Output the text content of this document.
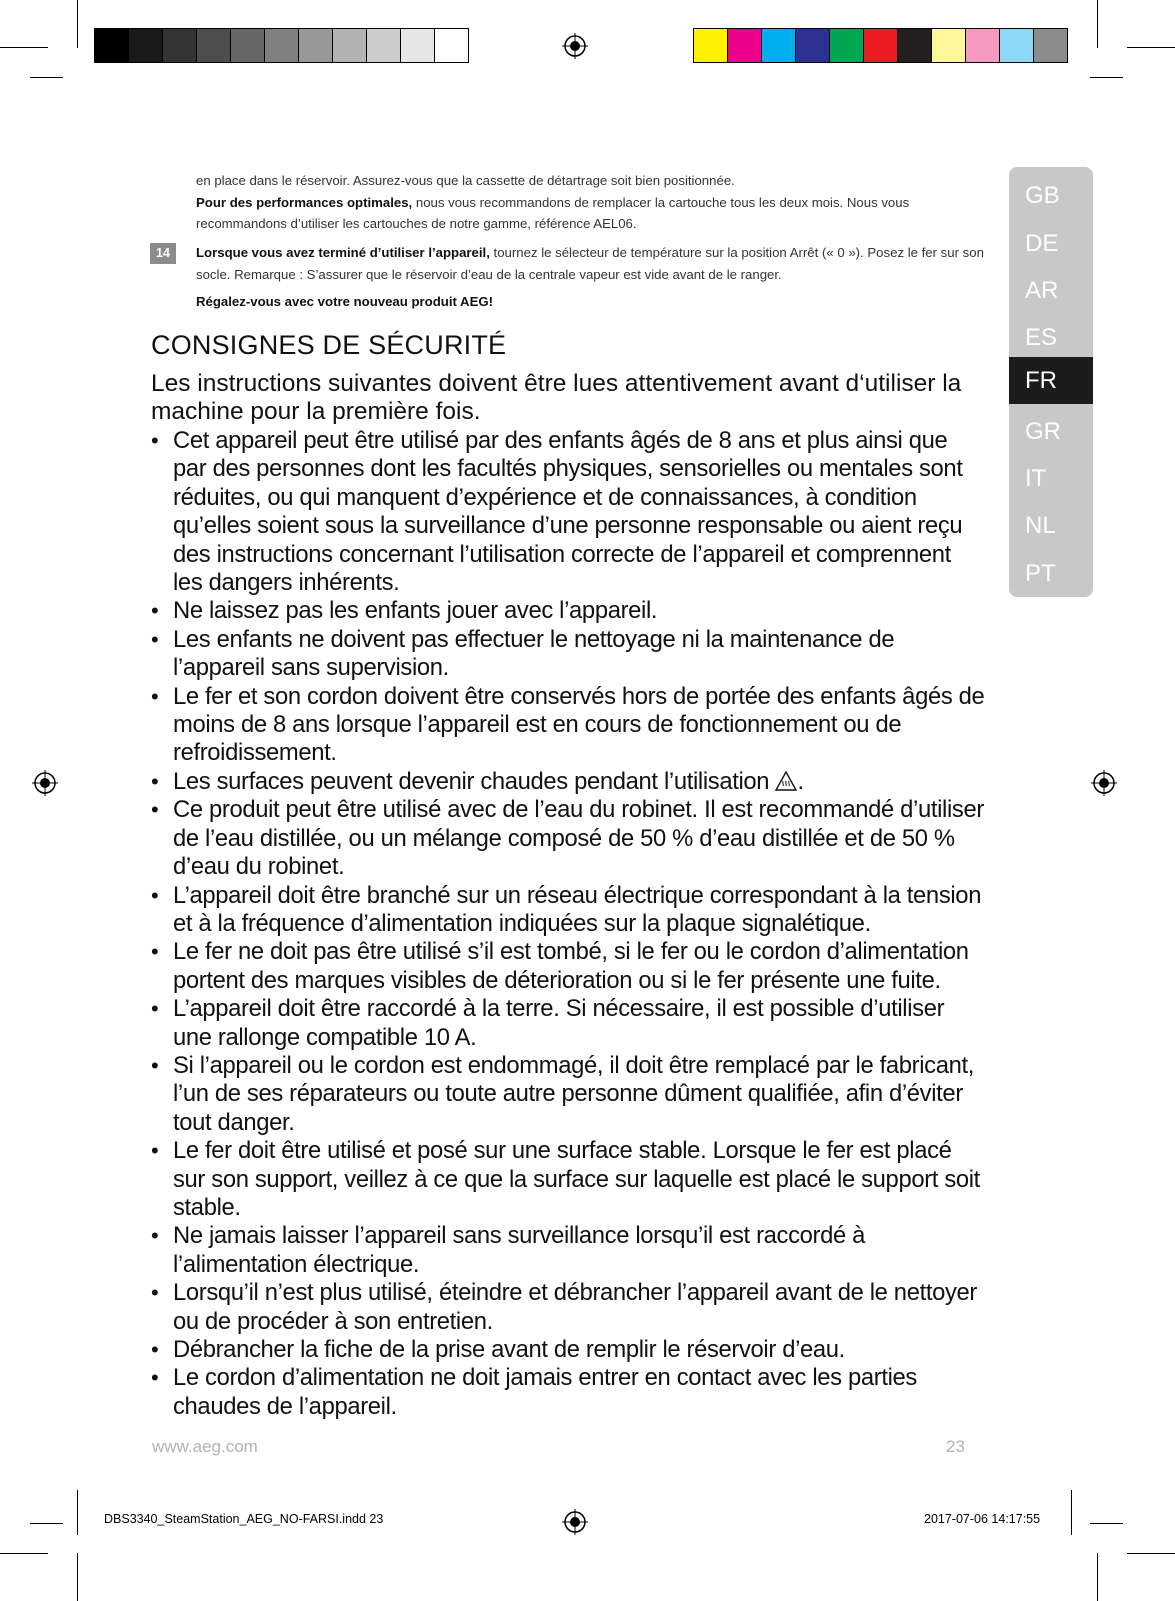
en place dans le réservoir. Assurez-vous que la cassette de détartrage soit bien positionnée.
Pour des performances optimales, nous vous recommandons de remplacer la cartouche tous les deux mois. Nous vous recommandons d’utiliser les cartouches de notre gamme, référence AEL06.
14	Lorsque vous avez terminé d’utiliser l’appareil, tournez le sélecteur de température sur la position Arrêt (« 0 »). Posez le fer sur son socle. Remarque : S’assurer que le réservoir d’eau de la centrale vapeur est vide avant de le ranger.
Régalez-vous avec votre nouveau produit AEG!
CONSIGNES DE SÉCURITÉ
Les instructions suivantes doivent être lues attentivement avant d‘utiliser la machine pour la première fois.
• Cet appareil peut être utilisé par des enfants âgés de 8 ans et plus ainsi que par des personnes dont les facultés physiques, sensorielles ou mentales sont réduites, ou qui manquent d’expérience et de connaissances, à condition qu’elles soient sous la surveillance d’une personne responsable ou aient reçu des instructions concernant l’utilisation correcte de l’appareil et comprennent les dangers inhérents.
• Ne laissez pas les enfants jouer avec l’appareil.
• Les enfants ne doivent pas effectuer le nettoyage ni la maintenance de l’appareil sans supervision.
• Le fer et son cordon doivent être conservés hors de portée des enfants âgés de moins de 8 ans lorsque l’appareil est en cours de fonctionnement ou de refroidissement.
• Les surfaces peuvent devenir chaudes pendant l’utilisation .
• Ce produit peut être utilisé avec de l’eau du robinet. Il est recommandé d’utiliser de l’eau distillée, ou un mélange composé de 50 % d’eau distillée et de 50 % d’eau du robinet.
• L’appareil doit être branché sur un réseau électrique correspondant à la tension et à la fréquence d’alimentation indiquées sur la plaque signalétique.
• Le fer ne doit pas être utilisé s’il est tombé, si le fer ou le cordon d’alimentation portent des marques visibles de déterioration ou si le fer présente une fuite.
• L’appareil doit être raccordé à la terre. Si nécessaire, il est possible d’utiliser une rallonge compatible 10 A.
• Si l’appareil ou le cordon est endommagé, il doit être remplacé par le fabricant, l’un de ses réparateurs ou toute autre personne dûment qualifiée, afin d’éviter tout danger.
• Le fer doit être utilisé et posé sur une surface stable. Lorsque le fer est placé sur son support, veillez à ce que la surface sur laquelle est placé le support soit stable.
• Ne jamais laisser l’appareil sans surveillance lorsqu’il est raccordé à l’alimentation électrique.
• Lorsqu’il n’est plus utilisé, éteindre et débrancher l’appareil avant de le nettoyer ou de procéder à son entretien.
• Débrancher la fiche de la prise avant de remplir le réservoir d’eau.
• Le cordon d’alimentation ne doit jamais entrer en contact avec les parties chaudes de l’appareil.
GB
DE
AR
ES
FR
GR
IT
NL
PT
www.aeg.com	23
DBS3340_SteamStation_AEG_NO-FARSI.indd 23	2017-07-06 14:17:55
